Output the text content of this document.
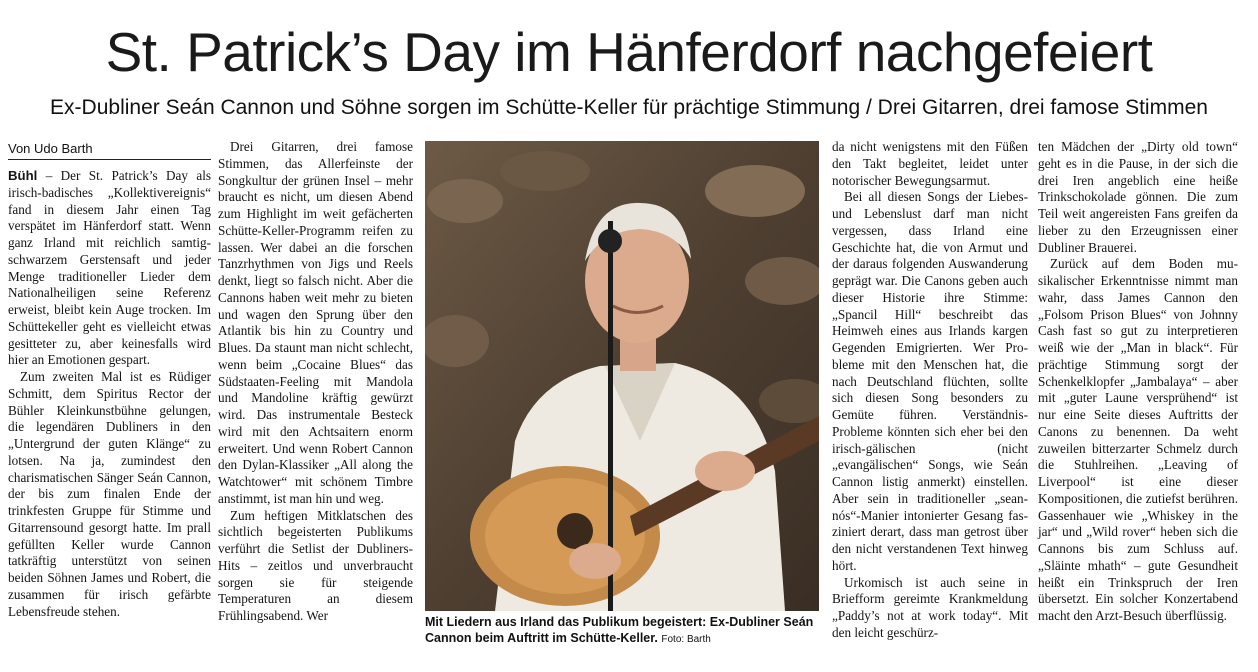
St. Patrick’s Day im Hänferdorf nachgefeiert
Ex-Dubliner Seán Cannon und Söhne sorgen im Schütte-Keller für prächtige Stimmung / Drei Gitarren, drei famose Stimmen
Von Udo Barth

Bühl – Der St. Patrick’s Day als irisch-badisches „Kollektivereignis“ fand in diesem Jahr einen Tag verspätet im Hänferdorf statt. Wenn ganz Irland mit reichlich samtig-schwarzem Gerstensaft und jeder Menge traditioneller Lieder dem Nationalheiligen seine Referenz erweist, bleibt kein Auge trocken. Im Schüttekeller geht es vielleicht etwas gesitteter zu, aber keinesfalls wird hier an Emotionen gespart.

Zum zweiten Mal ist es Rüdiger Schmitt, dem Spiritus Rector der Bühler Kleinkunstbühne gelungen, die legendären Dubliners in den „Untergrund der guten Klänge“ zu lotsen. Na ja, zumindest den charismatischen Sänger Seán Cannon, der bis zum finalen Ende der trinkfesten Gruppe für Stimme und Gitarrensound gesorgt hatte. Im prall gefüllten Keller wurde Cannon tatkräftig unterstützt von seinen beiden Söhnen James und Robert, die zusammen für irisch gefärbte Lebensfreude stehen.

Drei Gitarren, drei famose Stimmen, das Allerfeinste der Songkultur der grünen Insel – mehr braucht es nicht, um diesen Abend zum Highlight im weit gefächerten Schütte-Keller-Programm reifen zu lassen. Wer dabei an die forschen Tanzrhythmen von Jigs und Reels denkt, liegt so falsch nicht. Aber die Cannons haben weit mehr zu bieten und wagen den Sprung über den Atlantik bis hin zu Country und Blues. Da staunt man nicht schlecht, wenn beim „Cocaine Blues“ das Südstaaten-Feeling mit Mandola und Mandoline kräftig gewürzt wird. Das instrumentale Besteck wird mit den Achtsaitern enorm erweitert. Und wenn Robert Cannon den Dylan-Klassiker „All along the Watchtower“ mit schönem Timbre anstimmt, ist man hin und weg.

Zum heftigen Mitklatschen des sichtlich begeisterten Publikums verführt die Setlist der Dubliners-Hits – zeitlos und unverbraucht sorgen sie für steigende Temperaturen an diesem Frühlingsabend. Wer	Mit Liedern aus Irland das Publikum begeistert: Ex-Dubliner Seán Cannon beim Auftritt im Schütte-Keller. Foto: Barth

da nicht wenigstens mit den Füßen den Takt begleitet, leidet unter notorischer Bewegungsarmut.

Bei all diesen Songs der Liebes- und Lebenslust darf man nicht vergessen, dass Irland eine Geschichte hat, die von Armut und der daraus folgenden Auswanderung geprägt war. Die Canons geben auch dieser Historie ihre Stimme: „Spancil Hill“ beschreibt das Heimweh eines aus Irlands kargen Gegenden Emigrierten. Wer Probleme mit den Menschen hat, die nach Deutschland flüchten, sollte sich diesen Song besonders zu Gemüte führen. Verständnis-Probleme könnten sich eher bei den irisch-gälischen (nicht „evangälischen“ Songs, wie Seán Cannon listig anmerkt) einstellen. Aber sein in traditioneller „sean-nós“-Manier intonierter Gesang fasziniert derart, dass man getrost über den nicht verstandenen Text hinweg hört.

Urkomisch ist auch seine in Briefform gereimte Krankmeldung „Paddy’s not at work today“. Mit den leicht geschürz-

ten Mädchen der „Dirty old town“ geht es in die Pause, in der sich die drei Iren angeblich eine heiße Trinkschokolade gönnen. Die zum Teil weit angereisten Fans greifen da lieber zu den Erzeugnissen einer Dubliner Brauerei.

Zurück auf dem Boden musikalischer Erkenntnisse nimmt man wahr, dass James Cannon den „Folsom Prison Blues“ von Johnny Cash fast so gut zu interpretieren weiß wie der „Man in black“. Für prächtige Stimmung sorgt der Schenkelklopfer „Jambalaya“ – aber mit „guter Laune versprühend“ ist nur eine Seite dieses Auftritts der Canons zu benennen. Da weht zuweilen bitterzarter Schmelz durch die Stuhlreihen. „Leaving of Liverpool“ ist eine dieser Kompositionen, die zutiefst berühren. Gassenhauer wie „Whiskey in the jar“ und „Wild rover“ heben sich die Cannons bis zum Schluss auf. „Släinte mhath“ – gute Gesundheit heißt ein Trinkspruch der Iren übersetzt. Ein solcher Konzertabend macht den Arzt-Besuch überflüssig.
